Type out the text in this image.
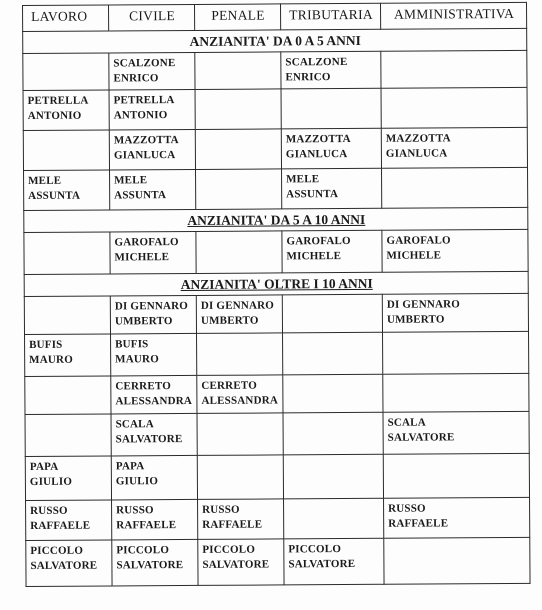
LAVORO	CIVILE	PENALE	TRIBUTARIA	AMMINISTRATIVA
ANZIANITA' DA 0 A 5 ANNI				

	SCALZONE
ENRICO		SCALZONE
ENRICO	

PETRELLA
ANTONIO	PETRELLA
ANTONIO			

	MAZZOTTA
GIANLUCA		MAZZOTTA
GIANLUCA	MAZZOTTA
GIANLUCA

MELE
ASSUNTA	MELE
ASSUNTA		MELE
ASSUNTA	

ANZIANITA' DA 5 A 10 ANNI				

	GAROFALO
MICHELE		GAROFALO
MICHELE	GAROFALO
MICHELE

ANZIANITA' OLTRE I 10 ANNI				

	DI GENNARO
UMBERTO	DI GENNARO
UMBERTO		DI GENNARO
UMBERTO

BUFIS
MAURO	BUFIS
MAURO			

	CERRETO
ALESSANDRA	CERRETO
ALESSANDRA		

	SCALA
SALVATORE			SCALA
SALVATORE

PAPA
GIULIO	PAPA
GIULIO			

RUSSO
RAFFAELE	RUSSO
RAFFAELE	RUSSO
RAFFAELE		RUSSO
RAFFAELE

PICCOLO
SALVATORE	PICCOLO
SALVATORE	PICCOLO
SALVATORE	PICCOLO
SALVATORE	
